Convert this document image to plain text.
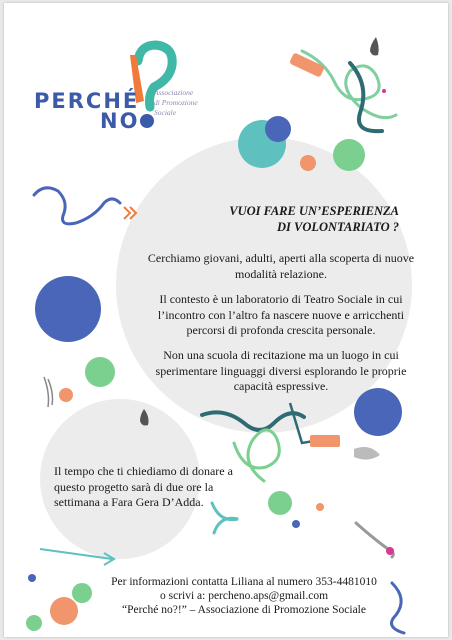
PERCHÉ
NO
Associazione
di Promozione
Sociale
VUOI FARE UN’ESPERIENZA
DI VOLONTARIATO ?

Cerchiamo giovani, adulti, aperti alla scoperta di nuove modalità relazione.

Il contesto è un laboratorio di Teatro Sociale in cui l’incontro con l’altro fa nascere nuove e arricchenti percorsi di profonda crescita personale.

Non una scuola di recitazione ma un luogo in cui sperimentare linguaggi diversi esplorando le proprie capacità espressive.

Il tempo che ti chiediamo di donare a questo progetto sarà di due ore la settimana a Fara Gera D’Adda.

Per informazioni contatta Liliana al numero 353-4481010
o scrivi a: percheno.aps@gmail.com
“Perché no?!” – Associazione di Promozione Sociale
